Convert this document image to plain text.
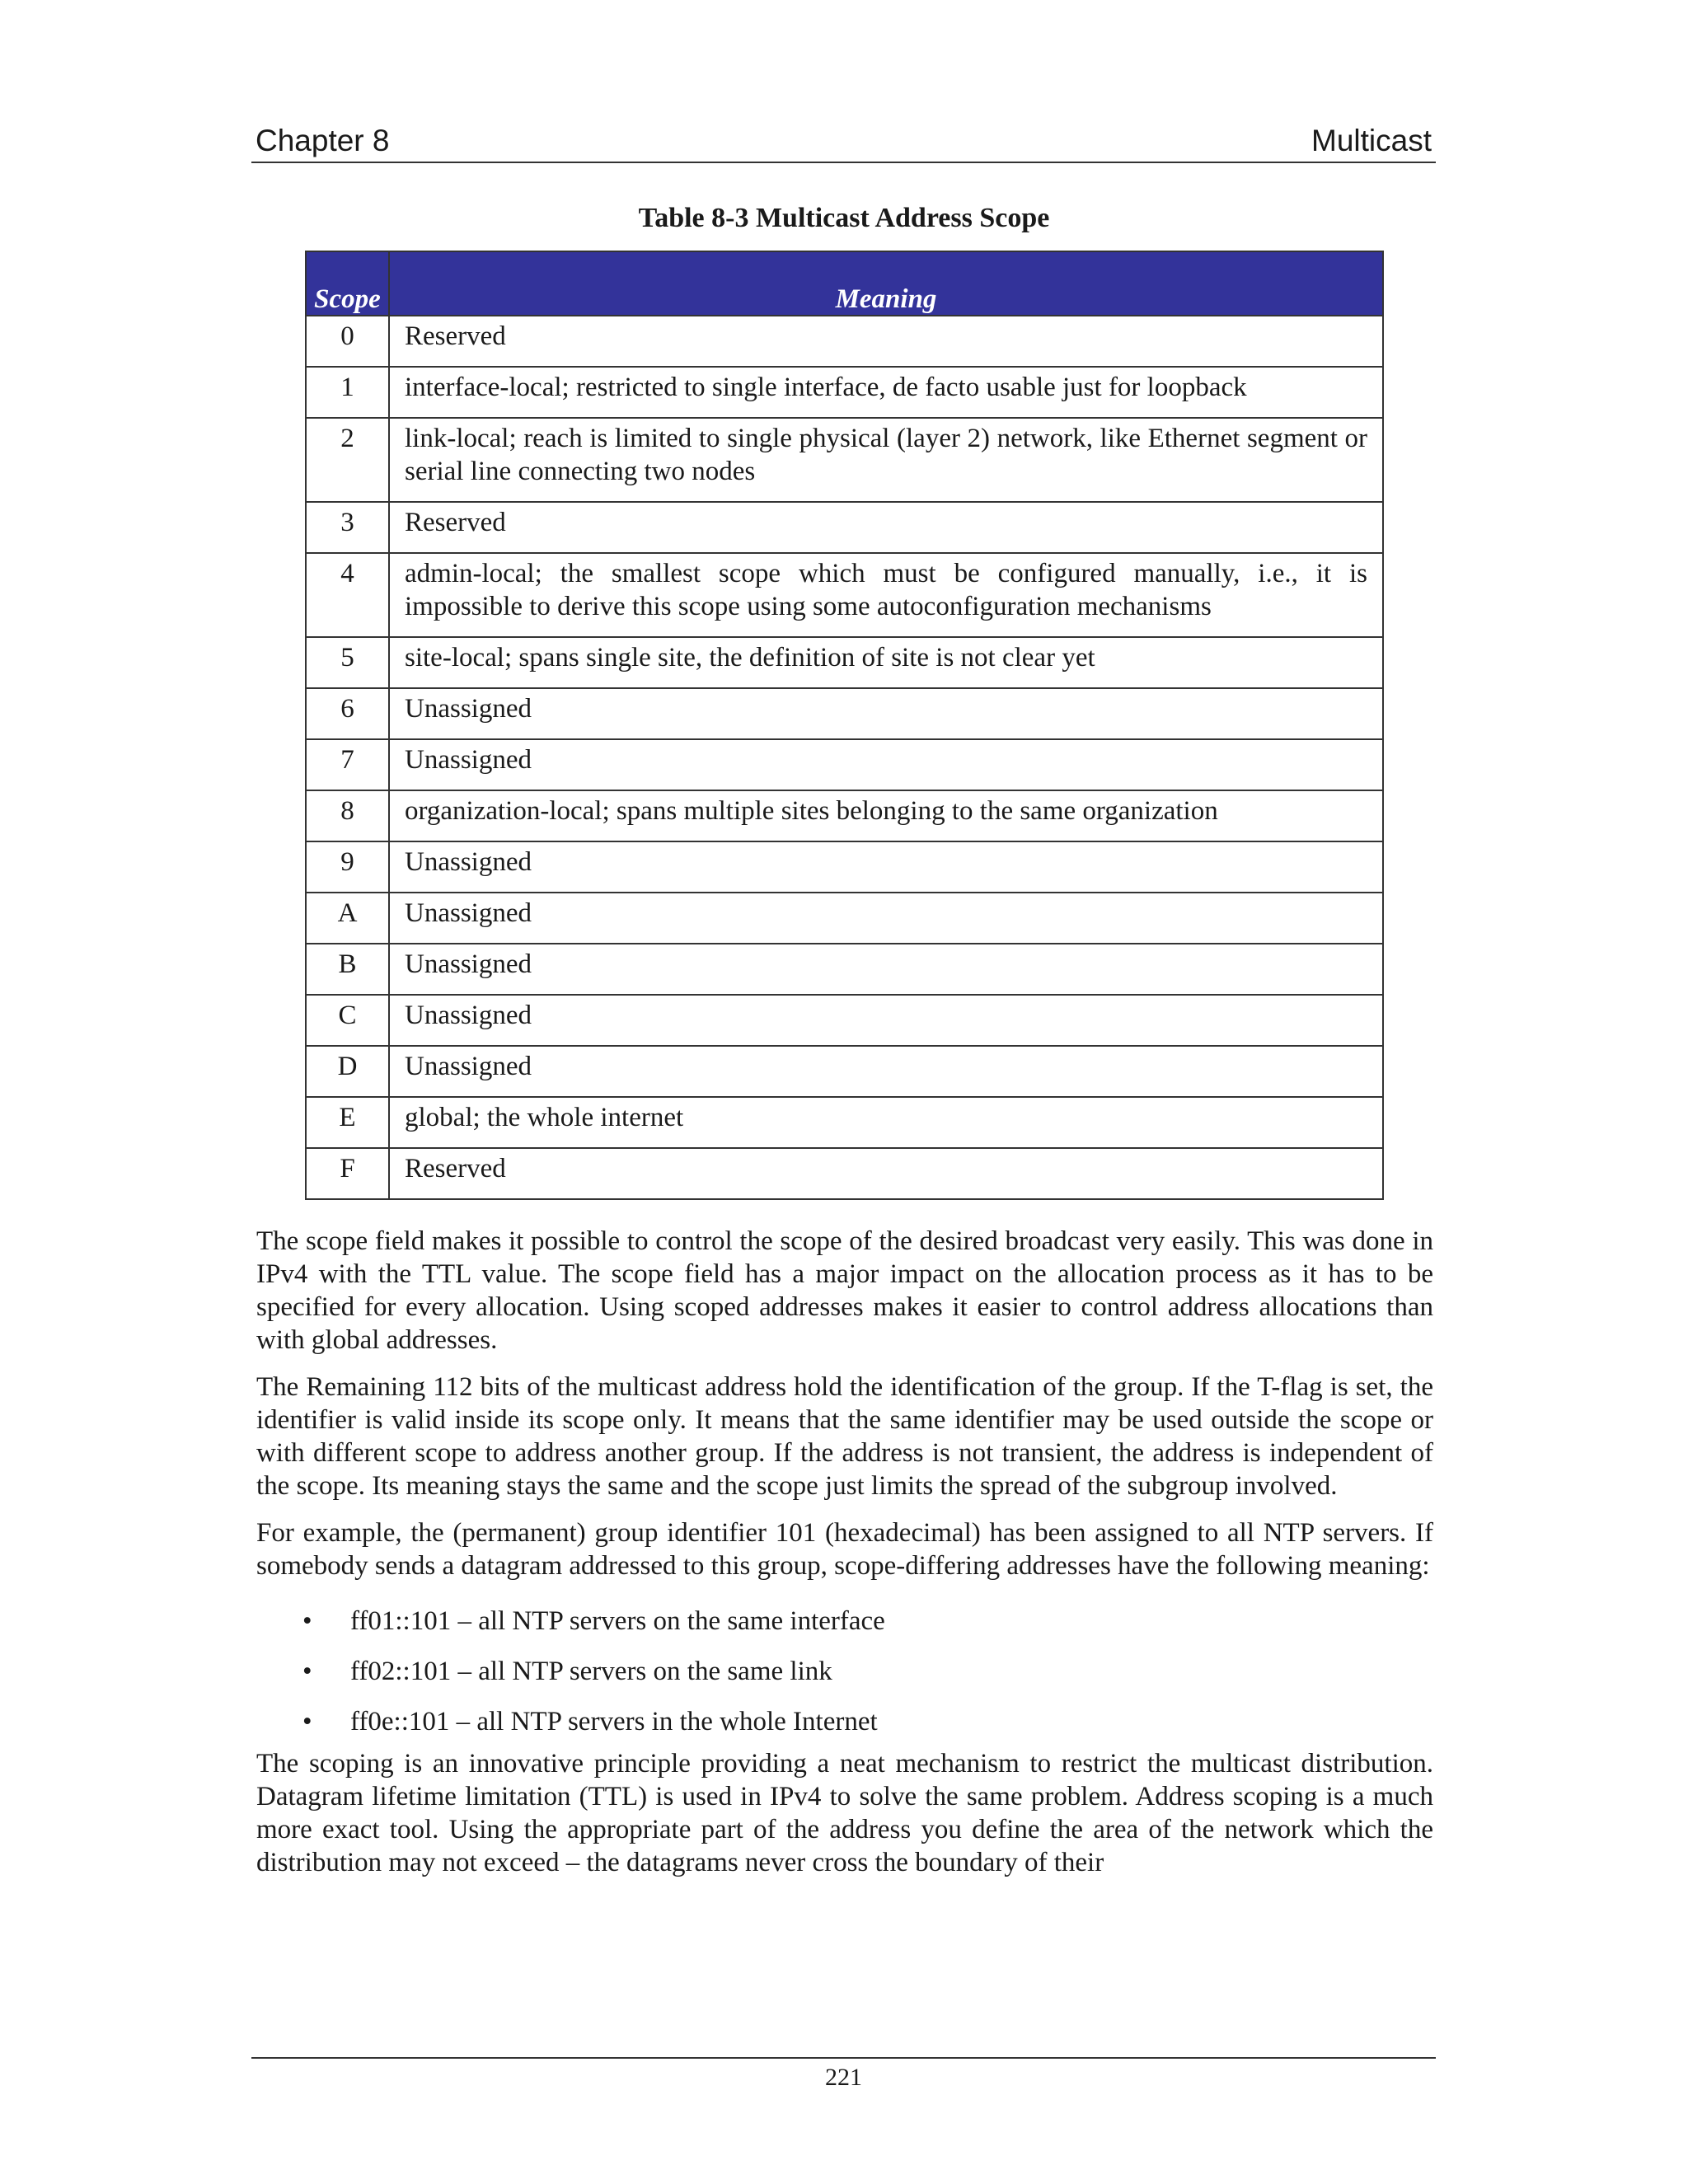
Chapter 8	Multicast
Table 8-3 Multicast Address Scope
Scope	Meaning
0	Reserved
1	interface-local; restricted to single interface, de facto usable just for loopback
2	link-local; reach is limited to single physical (layer 2) network, like Ethernet segment or serial line connecting two nodes
3	Reserved
4	admin-local; the smallest scope which must be configured manually, i.e., it is impossible to derive this scope using some autoconfiguration mechanisms
5	site-local; spans single site, the definition of site is not clear yet
6	Unassigned
7	Unassigned
8	organization-local; spans multiple sites belonging to the same organization
9	Unassigned
A	Unassigned
B	Unassigned
C	Unassigned
D	Unassigned
E	global; the whole internet
F	Reserved

The scope field makes it possible to control the scope of the desired broadcast very easily. This was done in IPv4 with the TTL value. The scope field has a major impact on the allocation process as it has to be specified for every allocation. Using scoped addresses makes it easier to control address allocations than with global addresses.

The Remaining 112 bits of the multicast address hold the identification of the group. If the T-flag is set, the identifier is valid inside its scope only. It means that the same identifier may be used outside the scope or with different scope to address another group. If the address is not transient, the address is independent of the scope. Its meaning stays the same and the scope just limits the spread of the subgroup involved.

For example, the (permanent) group identifier 101 (hexadecimal) has been assigned to all NTP servers. If somebody sends a datagram addressed to this group, scope-differing addresses have the following meaning:

• ff01::101 – all NTP servers on the same interface
• ff02::101 – all NTP servers on the same link
• ff0e::101 – all NTP servers in the whole Internet

The scoping is an innovative principle providing a neat mechanism to restrict the multicast distribution. Datagram lifetime limitation (TTL) is used in IPv4 to solve the same problem. Address scoping is a much more exact tool. Using the appropriate part of the address you define the area of the network which the distribution may not exceed – the datagrams never cross the boundary of their

221
